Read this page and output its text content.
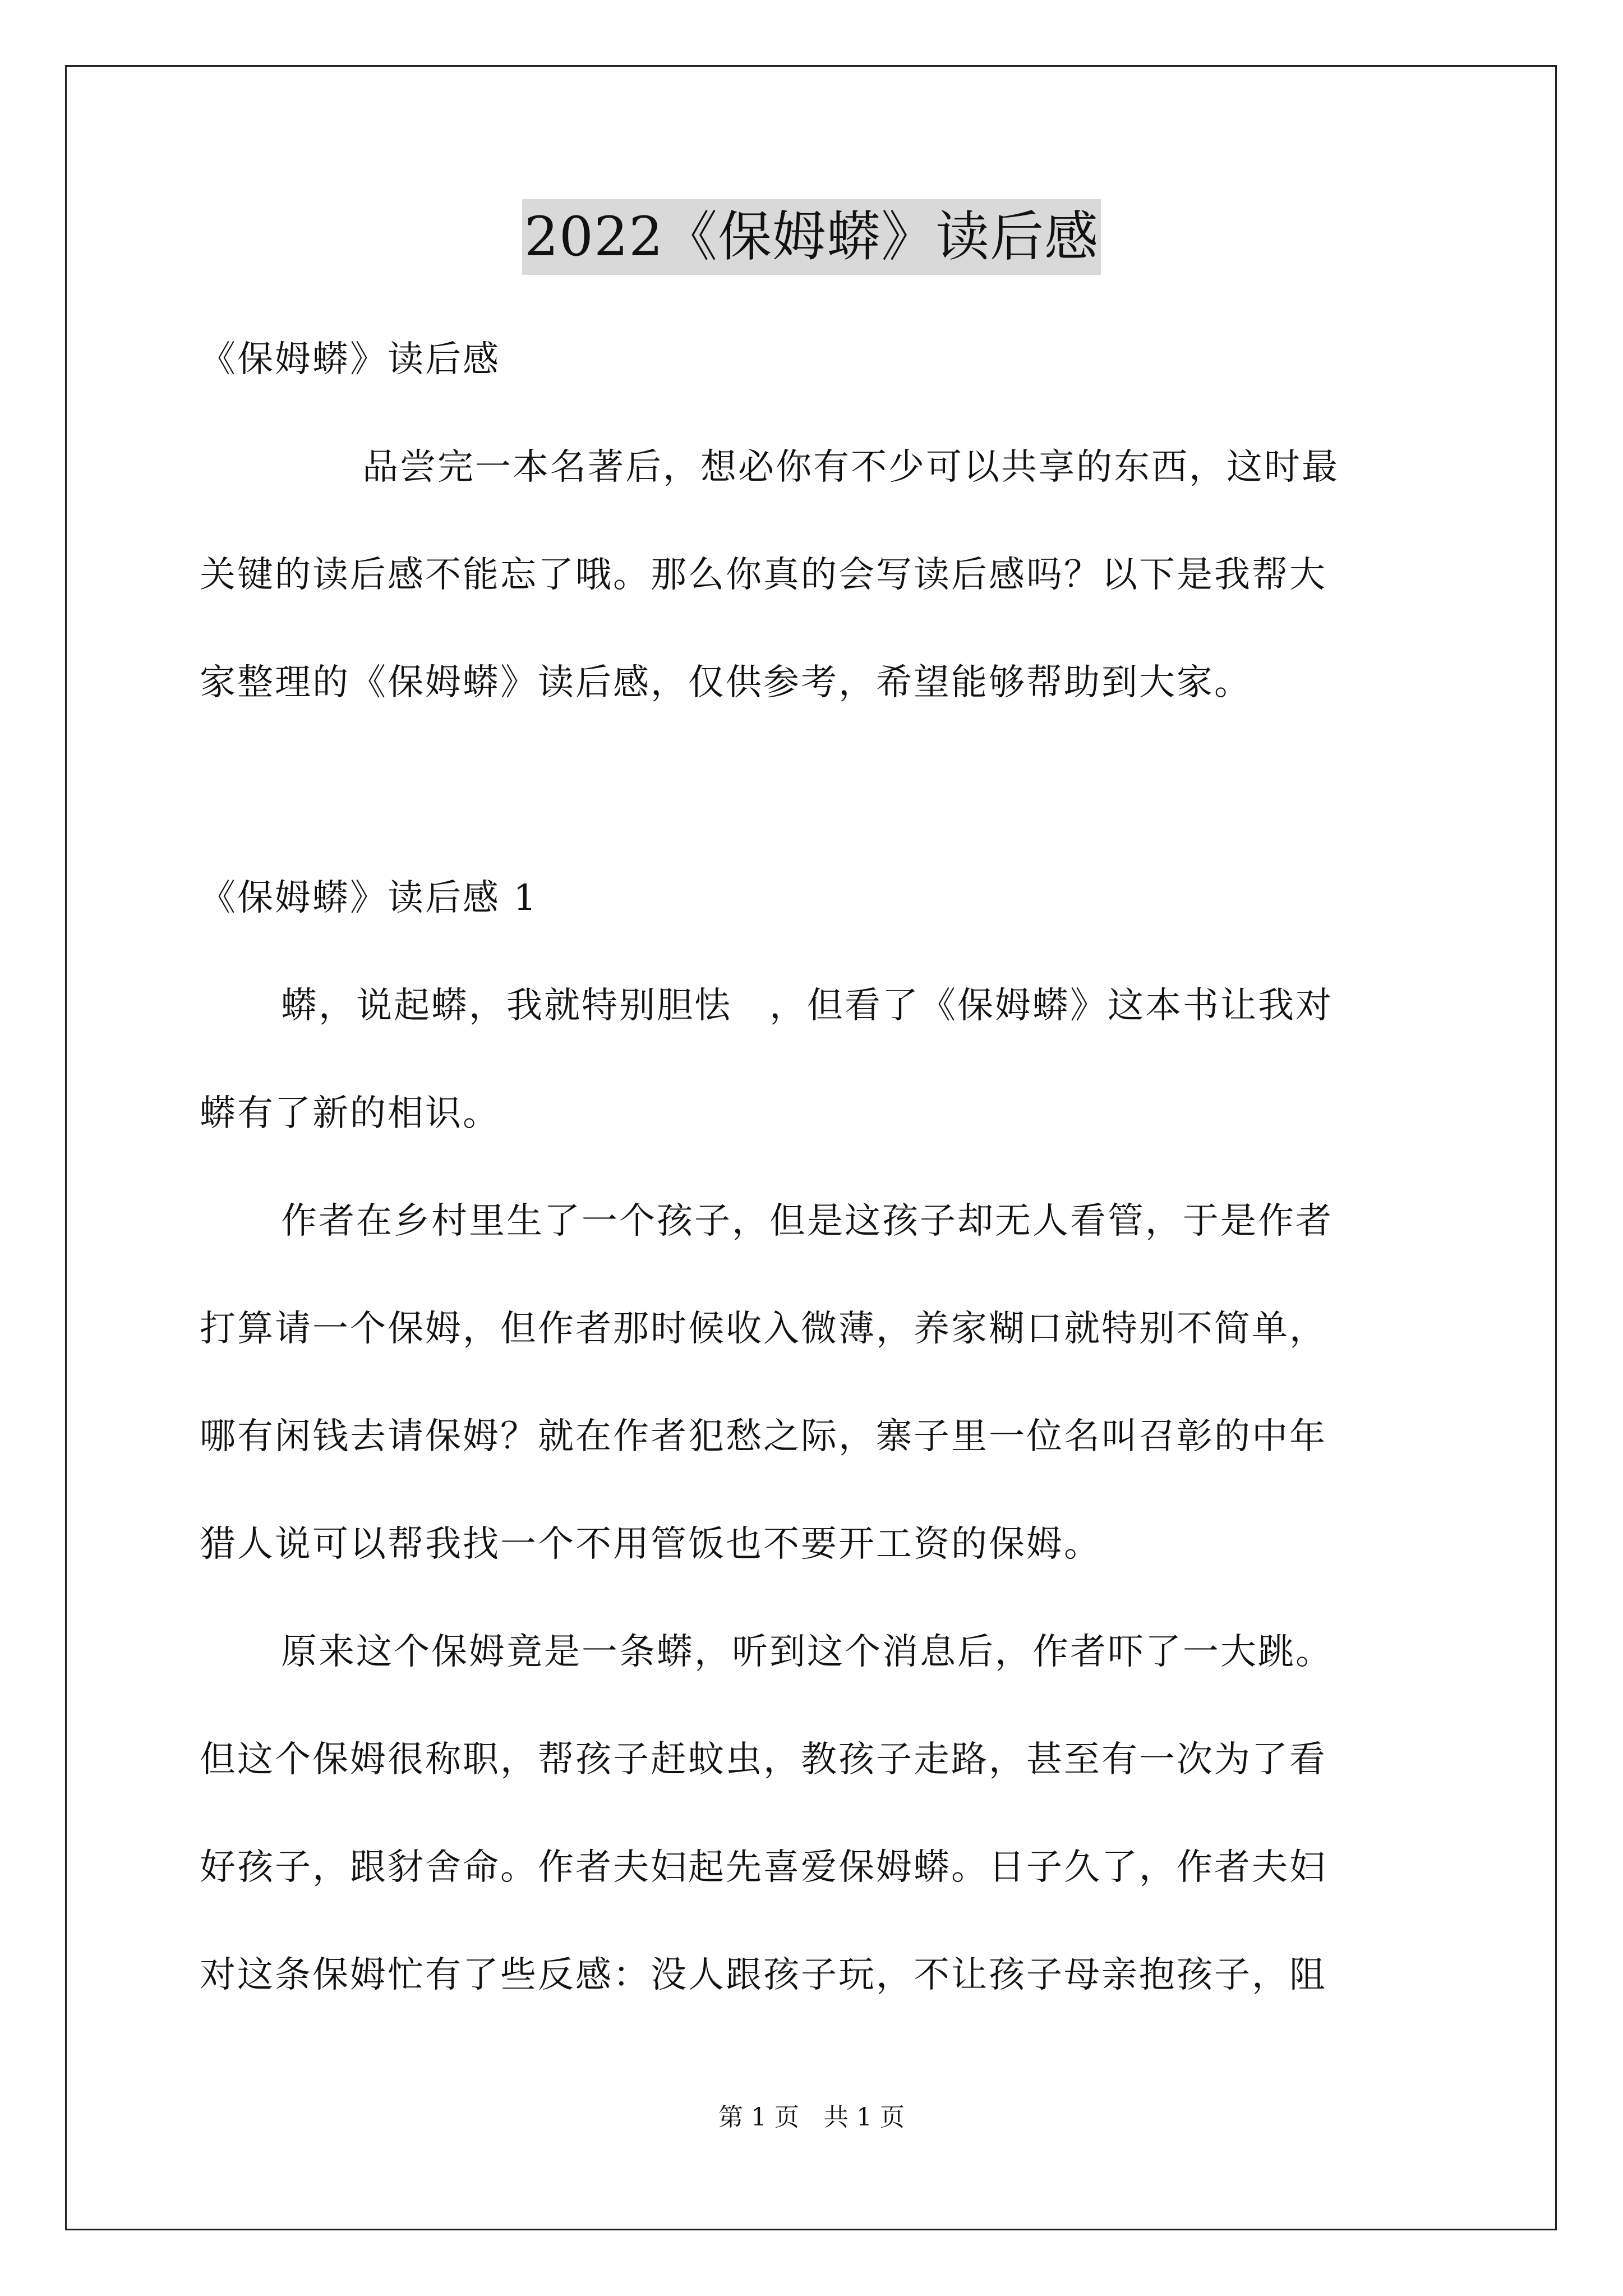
2022《保姆蟒》读后感
《保姆蟒》读后感
品尝完一本名著后，想必你有不少可以共享的东西，这时最
关键的读后感不能忘了哦。那么你真的会写读后感吗？以下是我帮大
家整理的《保姆蟒》读后感，仅供参考，希望能够帮助到大家。
《保姆蟒》读后感 1
蟒，说起蟒，我就特别胆怯　，但看了《保姆蟒》这本书让我对
蟒有了新的相识。
作者在乡村里生了一个孩子，但是这孩子却无人看管，于是作者
打算请一个保姆，但作者那时候收入微薄，养家糊口就特别不简单，
哪有闲钱去请保姆？就在作者犯愁之际，寨子里一位名叫召彰的中年
猎人说可以帮我找一个不用管饭也不要开工资的保姆。
原来这个保姆竟是一条蟒，听到这个消息后，作者吓了一大跳。
但这个保姆很称职，帮孩子赶蚊虫，教孩子走路，甚至有一次为了看
好孩子，跟豺舍命。作者夫妇起先喜爱保姆蟒。日子久了，作者夫妇
对这条保姆忙有了些反感：没人跟孩子玩，不让孩子母亲抱孩子，阻
第 1 页　共 1 页
